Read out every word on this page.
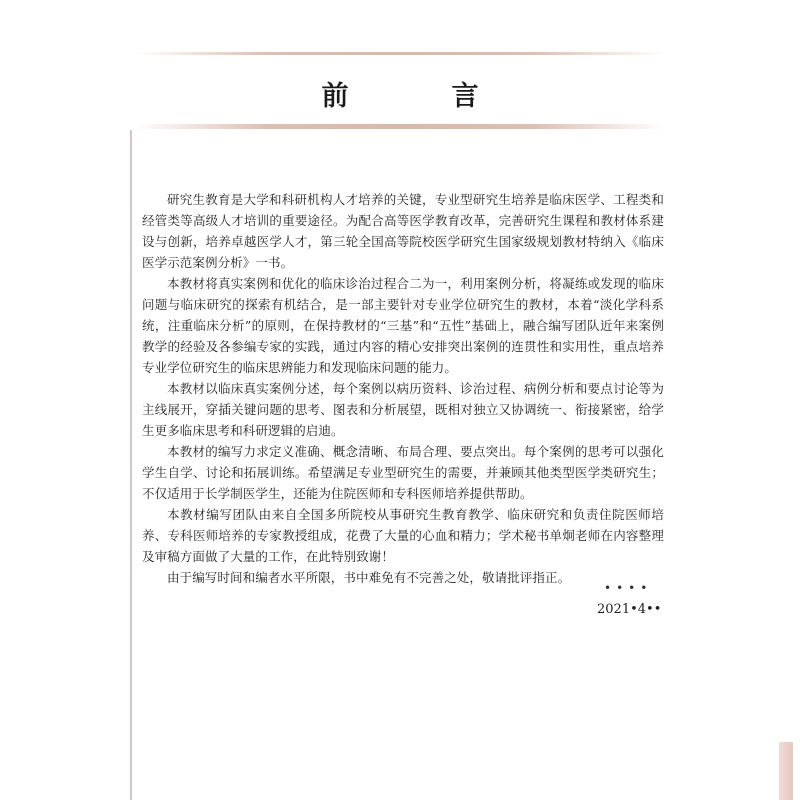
前　言

研究生教育是大学和科研机构人才培养的关键，专业型研究生培养是临床医学、工程类和经管类等高级人才培训的重要途径。为配合高等医学教育改革，完善研究生课程和教材体系建设与创新，培养卓越医学人才，第三轮全国高等院校医学研究生国家级规划教材特纳入《临床医学示范案例分析》一书。

本教材将真实案例和优化的临床诊治过程合二为一，利用案例分析，将凝练或发现的临床问题与临床研究的探索有机结合，是一部主要针对专业学位研究生的教材，本着“淡化学科系统，注重临床分析”的原则，在保持教材的“三基”和“五性”基础上，融合编写团队近年来案例教学的经验及各参编专家的实践，通过内容的精心安排突出案例的连贯性和实用性，重点培养专业学位研究生的临床思辨能力和发现临床问题的能力。

本教材以临床真实案例分述，每个案例以病历资料、诊治过程、病例分析和要点讨论等为主线展开，穿插关键问题的思考、图表和分析展望，既相对独立又协调统一、衔接紧密，给学生更多临床思考和科研逻辑的启迪。

本教材的编写力求定义准确、概念清晰、布局合理、要点突出。每个案例的思考可以强化学生自学、讨论和拓展训练。希望满足专业型研究生的需要，并兼顾其他类型医学类研究生；不仅适用于长学制医学生，还能为住院医师和专科医师培养提供帮助。

本教材编写团队由来自全国多所院校从事研究生教育教学、临床研究和负责住院医师培养、专科医师培养的专家教授组成，花费了大量的心血和精力；学术秘书单炯老师在内容整理及审稿方面做了大量的工作，在此特别致谢！

由于编写时间和编者水平所限，书中难免有不完善之处，敬请批评指正。

••••
2021•4••
